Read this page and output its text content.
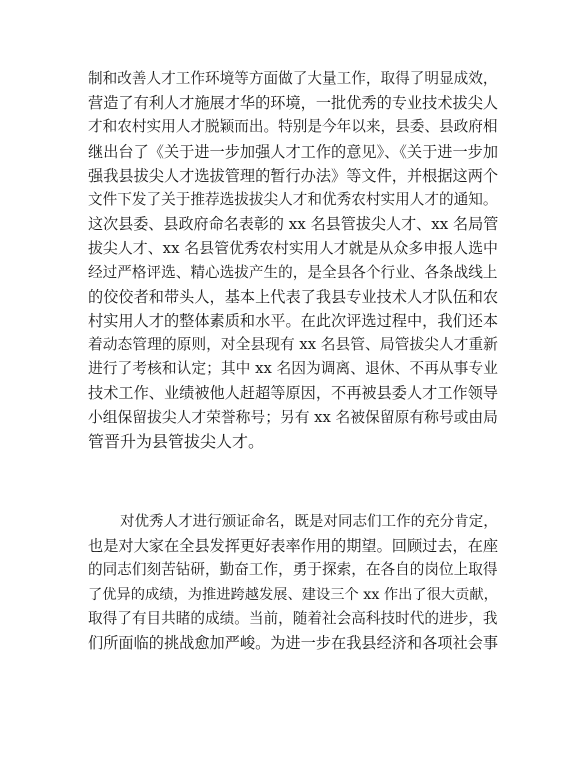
制和改善人才工作环境等方面做了大量工作，取得了明显成效，
营造了有利人才施展才华的环境，一批优秀的专业技术拔尖人
才和农村实用人才脱颖而出。特别是今年以来，县委、县政府相
继出台了《关于进一步加强人才工作的意见》、《关于进一步加
强我县拔尖人才选拔管理的暂行办法》等文件，并根据这两个
文件下发了关于推荐选拔拔尖人才和优秀农村实用人才的通知。
这次县委、县政府命名表彰的 xx 名县管拔尖人才、xx 名局管
拔尖人才、xx 名县管优秀农村实用人才就是从众多申报人选中
经过严格评选、精心选拔产生的，是全县各个行业、各条战线上
的佼佼者和带头人，基本上代表了我县专业技术人才队伍和农
村实用人才的整体素质和水平。在此次评选过程中，我们还本
着动态管理的原则，对全县现有 xx 名县管、局管拔尖人才重新
进行了考核和认定；其中 xx 名因为调离、退休、不再从事专业
技术工作、业绩被他人赶超等原因，不再被县委人才工作领导
小组保留拔尖人才荣誉称号；另有 xx 名被保留原有称号或由局
管晋升为县管拔尖人才。
对优秀人才进行颁证命名，既是对同志们工作的充分肯定，
也是对大家在全县发挥更好表率作用的期望。回顾过去，在座
的同志们刻苦钻研，勤奋工作，勇于探索，在各自的岗位上取得
了优异的成绩，为推进跨越发展、建设三个 xx 作出了很大贡献，
取得了有目共睹的成绩。当前，随着社会高科技时代的进步，我
们所面临的挑战愈加严峻。为进一步在我县经济和各项社会事
